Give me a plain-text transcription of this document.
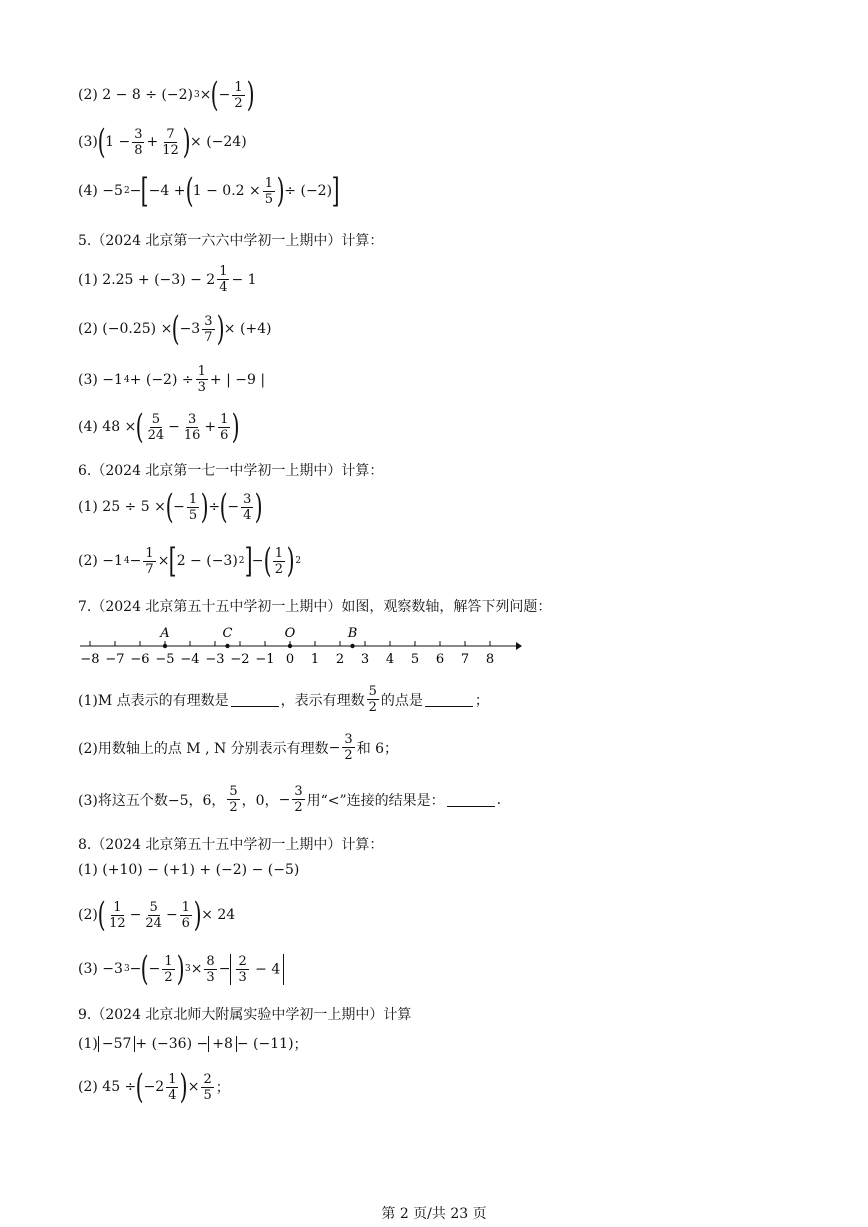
(2) 2 − 8 ÷ (−2) 3 × ( − $\frac{1}{2}$ )
(3) ( $1 - \frac{3}{8} + \frac{7}{12}$ ) × (−24)
(4) −5 2 − [ −4 + ( $1 - 0.2 \times \frac{1}{5}$ ) ÷ (−2) ]
5.（2024 北京第一六六中学初一上期中）计算：
(1) $2.25 + (-3) - 2 \frac{1}{4} - 1$
(2) (−0.25) × ( $-3 \frac{3}{7}$ ) × (+4)
(3) −1 $4 + (-2) \div \frac{1}{3}$ + | −9 |
(4) 48 × ( $\frac{5}{24} - \frac{3}{16} + \frac{1}{6}$ )
6.（2024 北京第一七一中学初一上期中）计算：
(1) 25 ÷ 5 × ( − $\frac{1}{5}$ ) ÷ ( − $\frac{3}{4}$ )
(2) −1 $4 - \frac{1}{7}$ × [ 2 − (−3) 2 ] − ( $\frac{1}{2}$ ) 2
7.（2024 北京第五十五中学初一上期中）如图，观察数轴，解答下列问题：
−8 −7 −6 −5 −4 −3 −2 −1 0 1 2 3 4 5 6 7 8
A	C	O	B
(1)M 点表示的有理数是	，表示有理数 $\frac{5}{2}$ 的点是	；
(2)用数轴上的点 M , N 分别表示有理数 − $\frac{3}{2}$ 和 6；
(3)将这五个数 −5，6， $\frac{5}{2}$ ，0， − $\frac{3}{2}$ 用“<”连接的结果是：	.
8.（2024 北京第五十五中学初一上期中）计算：
(1) (+10) − (+1) + (−2) − (−5)
(2) ( $\frac{1}{12} - \frac{5}{24} - \frac{1}{6}$ ) × 24
(3) −3 3 − ( − $\frac{1}{2}$ ) $3 \times \frac{8}{3} - \frac{2}{3} - 4$
9.（2024 北京北师大附属实验中学初一上期中）计算
(1) −57 + (−36) − +8 − (−11) ；
(2) 45 ÷ ( $-2 \frac{1}{4}$ ) × $\frac{2}{5}$ ；
第 2 页/共 23 页
